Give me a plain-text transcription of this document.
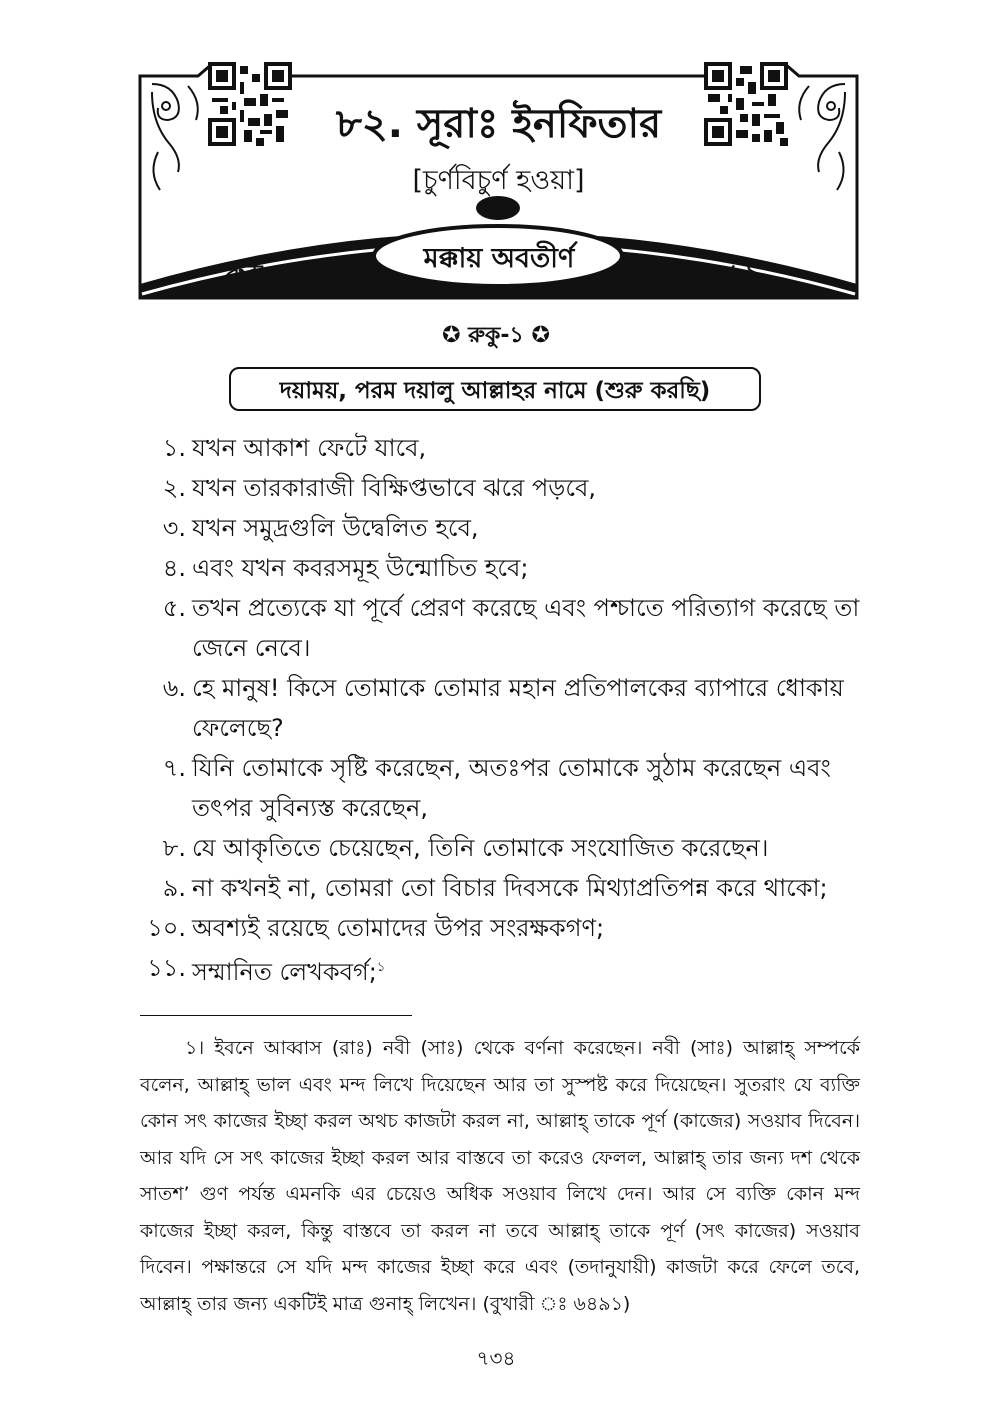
৮২. সূরাঃ ইনফিতার
[চুর্ণবিচুর্ণ হওয়া]
মক্কায় অবতীর্ণ
রুকু-১	আয়াত-১৯
✪ রুকু-১ ✪
দয়াময়, পরম দয়ালু আল্লাহর নামে (শুরু করছি)
১. যখন আকাশ ফেটে যাবে,
২. যখন তারকারাজী বিক্ষিপ্তভাবে ঝরে পড়বে,
৩. যখন সমুদ্রগুলি উদ্বেলিত হবে,
৪. এবং যখন কবরসমূহ উন্মোচিত হবে;
৫. তখন প্রত্যেকে যা পূর্বে প্রেরণ করেছে এবং পশ্চাতে পরিত্যাগ করেছে তা জেনে নেবে।
৬. হে মানুষ! কিসে তোমাকে তোমার মহান প্রতিপালকের ব্যাপারে ধোকায় ফেলেছে?
৭. যিনি তোমাকে সৃষ্টি করেছেন, অতঃপর তোমাকে সুঠাম করেছেন এবং তৎপর সুবিন্যস্ত করেছেন,
৮. যে আকৃতিতে চেয়েছেন, তিনি তোমাকে সংযোজিত করেছেন।
৯. না কখনই না, তোমরা তো বিচার দিবসকে মিথ্যাপ্রতিপন্ন করে থাকো;
১০. অবশ্যই রয়েছে তোমাদের উপর সংরক্ষকগণ;
১১. সম্মানিত লেখকবর্গ;$^১$
১। ইবনে আব্বাস (রাঃ) নবী (সাঃ) থেকে বর্ণনা করেছেন। নবী (সাঃ) আল্লাহ্ সম্পর্কে বলেন, আল্লাহ্ ভাল এবং মন্দ লিখে দিয়েছেন আর তা সুস্পষ্ট করে দিয়েছেন। সুতরাং যে ব্যক্তি কোন সৎ কাজের ইচ্ছা করল অথচ কাজটা করল না, আল্লাহ্ তাকে পূর্ণ (কাজের) সওয়াব দিবেন। আর যদি সে সৎ কাজের ইচ্ছা করল আর বাস্তবে তা করেও ফেলল, আল্লাহ্ তার জন্য দশ থেকে সাতশ’ গুণ পর্যন্ত এমনকি এর চেয়েও অধিক সওয়াব লিখে দেন। আর সে ব্যক্তি কোন মন্দ কাজের ইচ্ছা করল, কিন্তু বাস্তবে তা করল না তবে আল্লাহ্ তাকে পূর্ণ (সৎ কাজের) সওয়াব দিবেন। পক্ষান্তরে সে যদি মন্দ কাজের ইচ্ছা করে এবং (তদানুযায়ী) কাজটা করে ফেলে তবে, আল্লাহ্ তার জন্য একটিই মাত্র গুনাহ্ লিখেন। (বুখারী ঃ ৬৪৯১)
৭৩৪
